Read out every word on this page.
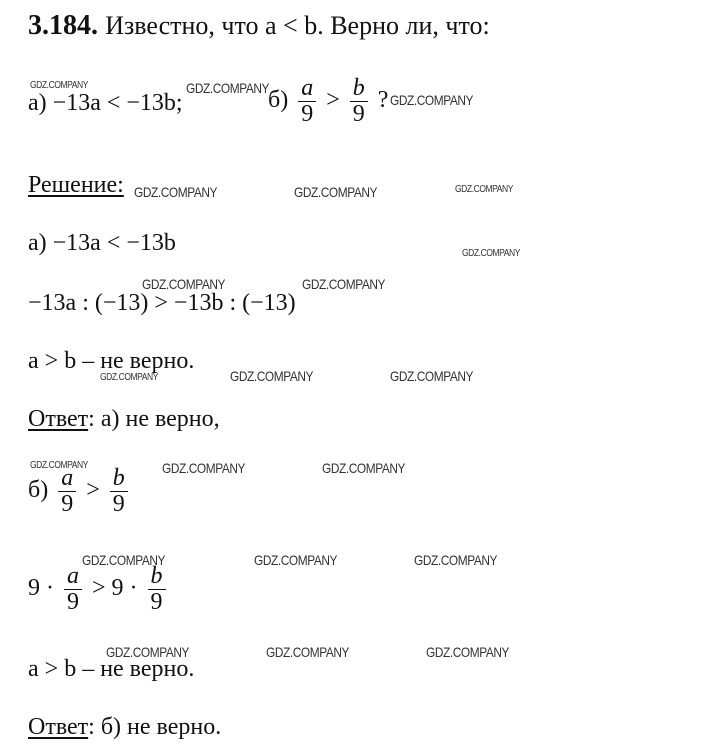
3.184. Известно, что a < b. Верно ли, что:
а) −13a < −13b;	$б) \frac{a}{9} > \frac{b}{9}$ ?
Решение:
а) −13a < −13b
−13a : (−13) > −13b : (−13)
a > b – не верно.
Ответ: а) не верно,
$б) \frac{a}{9} > \frac{b}{9}$
$9 \cdot \frac{a}{9} > 9 \cdot \frac{b}{9}$
a > b – не верно.
Ответ: б) не верно.
GDZ.COMPANY	GDZ.COMPANY
GDZ.COMPANY
GDZ.COMPANY	GDZ.COMPANY	GDZ.COMPANY
GDZ.COMPANY
GDZ.COMPANY	GDZ.COMPANY
GDZ.COMPANY	GDZ.COMPANY	GDZ.COMPANY
GDZ.COMPANY	GDZ.COMPANY	GDZ.COMPANY
GDZ.COMPANY	GDZ.COMPANY	GDZ.COMPANY
GDZ.COMPANY	GDZ.COMPANY	GDZ.COMPANY
